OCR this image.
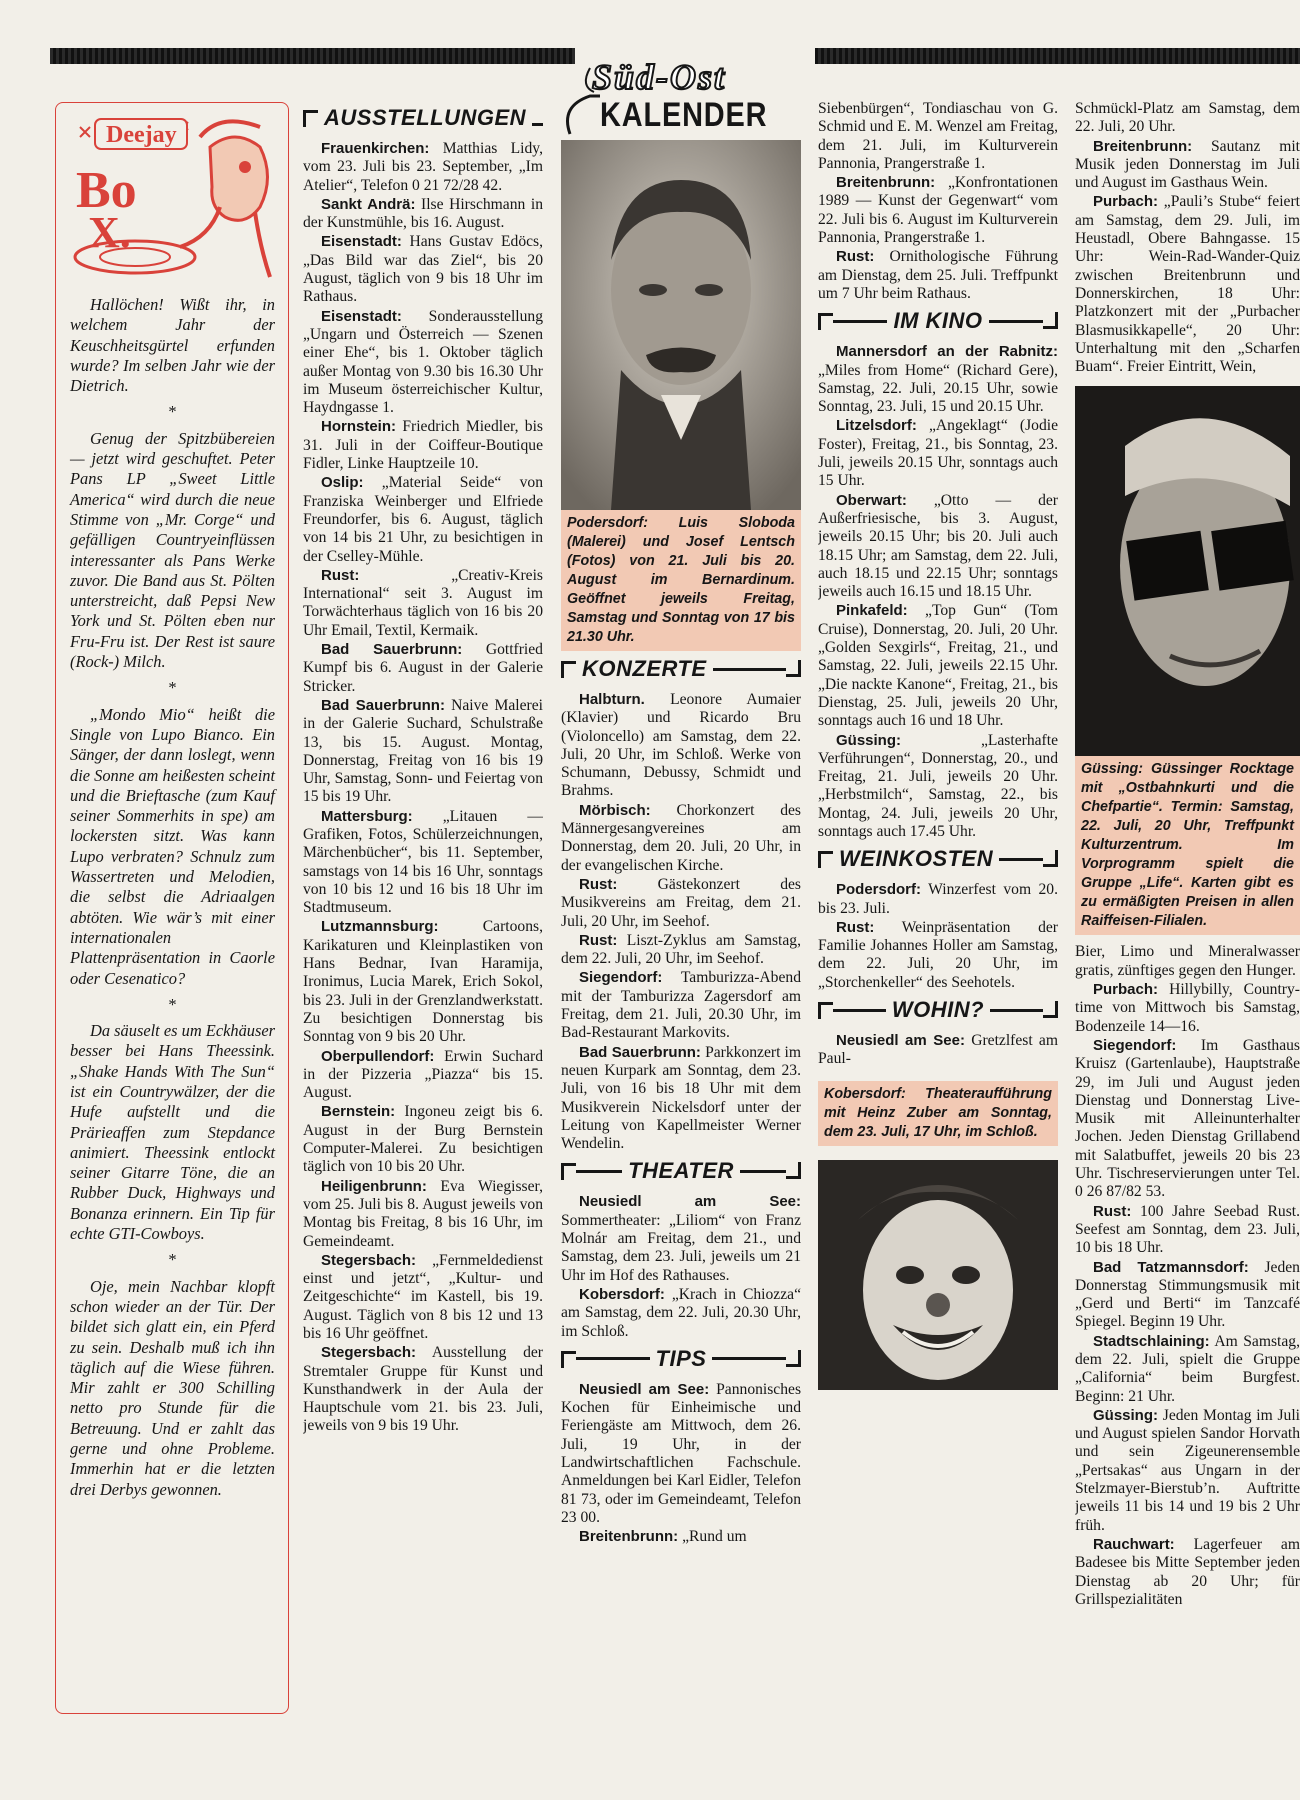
Süd-Ost
KALENDER
Deejay
Bo
X.

Hallöchen! Wißt ihr, in welchem Jahr der Keuschheitsgürtel erfunden wurde? Im selben Jahr wie der Dietrich.

*

Genug der Spitzbübereien — jetzt wird geschuftet. Peter Pans LP „Sweet Little America“ wird durch die neue Stimme von „Mr. Corge“ und gefälligen Countryeinflüssen interessanter als Pans Werke zuvor. Die Band aus St. Pölten unterstreicht, daß Pepsi New York und St. Pölten eben nur Fru-Fru ist. Der Rest ist saure (Rock-) Milch.

*

„Mondo Mio“ heißt die Single von Lupo Bianco. Ein Sänger, der dann loslegt, wenn die Sonne am heißesten scheint und die Brieftasche (zum Kauf seiner Sommerhits in spe) am lockersten sitzt. Was kann Lupo verbraten? Schnulz zum Wassertreten und Melodien, die selbst die Adriaalgen abtöten. Wie wär’s mit einer internationalen Plattenpräsentation in Caorle oder Cesenatico?

*

Da säuselt es um Eckhäuser besser bei Hans Theessink. „Shake Hands With The Sun“ ist ein Countrywälzer, der die Hufe aufstellt und die Prärieaffen zum Stepdance animiert. Theessink entlockt seiner Gitarre Töne, die an Rubber Duck, Highways und Bonanza erinnern. Ein Tip für echte GTI-Cowboys.

*

Oje, mein Nachbar klopft schon wieder an der Tür. Der bildet sich glatt ein, ein Pferd zu sein. Deshalb muß ich ihn täglich auf die Wiese führen. Mir zahlt er 300 Schilling netto pro Stunde für die Betreuung. Und er zahlt das gerne und ohne Probleme. Immerhin hat er die letzten drei Derbys gewonnen.

AUSSTELLUNGEN

Frauenkirchen: Matthias Lidy, vom 23. Juli bis 23. September, „Im Atelier“, Telefon 0 21 72/28 42.

Sankt Andrä: Ilse Hirschmann in der Kunstmühle, bis 16. August.

Eisenstadt: Hans Gustav Edöcs, „Das Bild war das Ziel“, bis 20 August, täglich von 9 bis 18 Uhr im Rathaus.

Eisenstadt: Sonderausstellung „Ungarn und Österreich — Szenen einer Ehe“, bis 1. Oktober täglich außer Montag von 9.30 bis 16.30 Uhr im Museum österreichischer Kultur, Haydngasse 1.

Hornstein: Friedrich Miedler, bis 31. Juli in der Coiffeur-Boutique Fidler, Linke Hauptzeile 10.

Oslip: „Material Seide“ von Franziska Weinberger und Elfriede Freundorfer, bis 6. August, täglich von 14 bis 21 Uhr, zu besichtigen in der Cselley-Mühle.

Rust:	„Creativ-Kreis International“ seit 3. August im Torwächterhaus täglich von 16 bis 20 Uhr Email, Textil, Kermaik.

Bad Sauerbrunn: Gottfried Kumpf bis 6. August in der Galerie Stricker.

Bad Sauerbrunn: Naive Malerei in der Galerie Suchard, Schulstraße 13, bis 15. August. Montag, Donnerstag, Freitag von 16 bis 19 Uhr, Samstag, Sonn- und Feiertag von 15 bis 19 Uhr.

Mattersburg: „Litauen — Grafiken, Fotos, Schülerzeichnungen, Märchenbücher“, bis 11. September, samstags von 14 bis 16 Uhr, sonntags von 10 bis 12 und 16 bis 18 Uhr im Stadtmuseum.

Lutzmannsburg:	Cartoons, Karikaturen und Kleinplastiken von Hans Bednar, Ivan Haramija, Ironimus, Lucia Marek, Erich Sokol, bis 23. Juli in der Grenzlandwerkstatt. Zu besichtigen Donnerstag bis Sonntag von 9 bis 20 Uhr.

Oberpullendorf: Erwin Suchard in der Pizzeria „Piazza“ bis 15. August.

Bernstein: Ingoneu zeigt bis 6. August in der Burg Bernstein Computer-Malerei. Zu besichtigen täglich von 10 bis 20 Uhr.

Heiligenbrunn: Eva Wiegisser, vom 25. Juli bis 8. August jeweils von Montag bis Freitag, 8 bis 16 Uhr, im Gemeindeamt.

Stegersbach: „Fernmeldedienst einst und jetzt“, „Kultur- und Zeitgeschichte“ im Kastell, bis 19. August. Täglich von 8 bis 12 und 13 bis 16 Uhr geöffnet.

Stegersbach: Ausstellung der Stremtaler Gruppe für Kunst und Kunsthandwerk in der Aula der Hauptschule vom 21. bis 23. Juli, jeweils von 9 bis 19 Uhr.

Podersdorf: Luis Sloboda (Malerei) und Josef Lentsch (Fotos) von 21. Juli bis 20. August im Bernardinum. Geöffnet jeweils Freitag, Samstag und Sonntag von 17 bis 21.30 Uhr.
KONZERTE

Halbturn. Leonore Aumaier (Klavier) und Ricardo Bru (Violoncello) am Samstag, dem 22. Juli, 20 Uhr, im Schloß. Werke von Schumann, Debussy, Schmidt und Brahms.

Mörbisch: Chorkonzert des Männergesangvereines am Donnerstag, dem 20. Juli, 20 Uhr, in der evangelischen Kirche.

Rust:	Gästekonzert des Musikvereins am Freitag, dem 21. Juli, 20 Uhr, im Seehof.

Rust: Liszt-Zyklus am Samstag, dem 22. Juli, 20 Uhr, im Seehof.

Siegendorf: Tamburizza-Abend mit der Tamburizza Zagersdorf am Freitag, dem 21. Juli, 20.30 Uhr, im Bad-Restaurant Markovits.

Bad Sauerbrunn: Parkkonzert im neuen Kurpark am Sonntag, dem 23. Juli, von 16 bis 18 Uhr mit dem Musikverein Nickelsdorf unter der Leitung von Kapellmeister Werner Wendelin.

THEATER

Neusiedl am See: Sommertheater: „Liliom“ von Franz Molnár am Freitag, dem 21., und Samstag, dem 23. Juli, jeweils um 21 Uhr im Hof des Rathauses.

Kobersdorf: „Krach in Chiozza“ am Samstag, dem 22. Juli, 20.30 Uhr, im Schloß.

TIPS

Neusiedl am See: Pannonisches Kochen für Einheimische und Feriengäste am Mittwoch, dem 26. Juli, 19 Uhr, in der Landwirtschaftlichen Fachschule. Anmeldungen bei Karl Eidler, Telefon 81 73, oder im Gemeindeamt, Telefon 23 00.

Breitenbrunn: „Rund um

Siebenbürgen“, Tondiaschau von G. Schmid und E. M. Wenzel am Freitag, dem 21. Juli, im Kulturverein Pannonia, Prangerstraße 1.

Breitenbrunn: „Konfrontationen 1989 — Kunst der Gegenwart“ vom 22. Juli bis 6. August im Kulturverein Pannonia, Prangerstraße 1.

Rust: Ornithologische Führung am Dienstag, dem 25. Juli. Treffpunkt um 7 Uhr beim Rathaus.

IM KINO

Mannersdorf an der Rabnitz: „Miles from Home“ (Richard Gere), Samstag, 22. Juli, 20.15 Uhr, sowie Sonntag, 23. Juli, 15 und 20.15 Uhr.

Litzelsdorf: „Angeklagt“ (Jodie Foster), Freitag, 21., bis Sonntag, 23. Juli, jeweils 20.15 Uhr, sonntags auch 15 Uhr.

Oberwart: „Otto — der Außerfriesische, bis 3. August, jeweils 20.15 Uhr; bis 20. Juli auch 18.15 Uhr; am Samstag, dem 22. Juli, auch 18.15 und 22.15 Uhr; sonntags jeweils auch 16.15 und 18.15 Uhr.

Pinkafeld: „Top Gun“ (Tom Cruise), Donnerstag, 20. Juli, 20 Uhr. „Golden Sexgirls“, Freitag, 21., und Samstag, 22. Juli, jeweils 22.15 Uhr. „Die nackte Kanone“, Freitag, 21., bis Dienstag, 25. Juli, jeweils 20 Uhr, sonntags auch 16 und 18 Uhr.

Güssing:	„Lasterhafte Verführungen“, Donnerstag, 20., und Freitag, 21. Juli, jeweils 20 Uhr. „Herbstmilch“, Samstag, 22., bis Montag, 24. Juli, jeweils 20 Uhr, sonntags auch 17.45 Uhr.

WEINKOSTEN

Podersdorf: Winzerfest vom 20. bis 23. Juli.

Rust: Weinpräsentation der Familie Johannes Holler am Samstag, dem 22. Juli, 20 Uhr, im „Storchenkeller“ des Seehotels.

WOHIN?

Neusiedl am See: Gretzlfest am Paul-

Kobersdorf: Theateraufführung mit Heinz Zuber am Sonntag, dem 23. Juli, 17 Uhr, im Schloß.

Schmückl-Platz am Samstag, dem 22. Juli, 20 Uhr.

Breitenbrunn: Sautanz mit Musik jeden Donnerstag im Juli und August im Gasthaus Wein.

Purbach: „Pauli’s Stube“ feiert am Samstag, dem 29. Juli, im Heustadl, Obere Bahngasse. 15 Uhr: Wein-Rad-Wander-Quiz zwischen Breitenbrunn und Donnerskirchen, 18 Uhr: Platzkonzert mit der „Purbacher Blasmusikkapelle“, 20 Uhr: Unterhaltung mit den „Scharfen Buam“. Freier Eintritt, Wein,

Güssing: Güssinger Rocktage mit „Ostbahnkurti und die Chefpartie“. Termin: Samstag, 22. Juli, 20 Uhr, Treffpunkt Kulturzentrum. Im Vorprogramm spielt die Gruppe „Life“. Karten gibt es zu ermäßigten Preisen in allen Raiffeisen-Filialen.

Bier, Limo und Mineralwasser gratis, zünftiges gegen den Hunger.

Purbach: Hillybilly, Country-time von Mittwoch bis Samstag, Bodenzeile 14—16.

Siegendorf: Im Gasthaus Kruisz (Gartenlaube), Hauptstraße 29, im Juli und August jeden Dienstag und Donnerstag Live-Musik mit Alleinunterhalter Jochen. Jeden Dienstag Grillabend mit Salatbuffet, jeweils 20 bis 23 Uhr. Tischreservierungen unter Tel. 0 26 87/82 53.

Rust: 100 Jahre Seebad Rust. Seefest am Sonntag, dem 23. Juli, 10 bis 18 Uhr.

Bad Tatzmannsdorf: Jeden Donnerstag Stimmungsmusik mit „Gerd und Berti“ im Tanzcafé Spiegel. Beginn 19 Uhr.

Stadtschlaining: Am Samstag, dem 22. Juli, spielt die Gruppe „California“ beim Burgfest. Beginn: 21 Uhr.

Güssing: Jeden Montag im Juli und August spielen Sandor Horvath und sein Zigeunerensemble „Pertsakas“ aus Ungarn in der Stelzmayer-Bierstub’n. Auftritte jeweils 11 bis 14 und 19 bis 2 Uhr früh.

Rauchwart: Lagerfeuer am Badesee bis Mitte September jeden Dienstag ab 20 Uhr; für Grillspezialitäten
